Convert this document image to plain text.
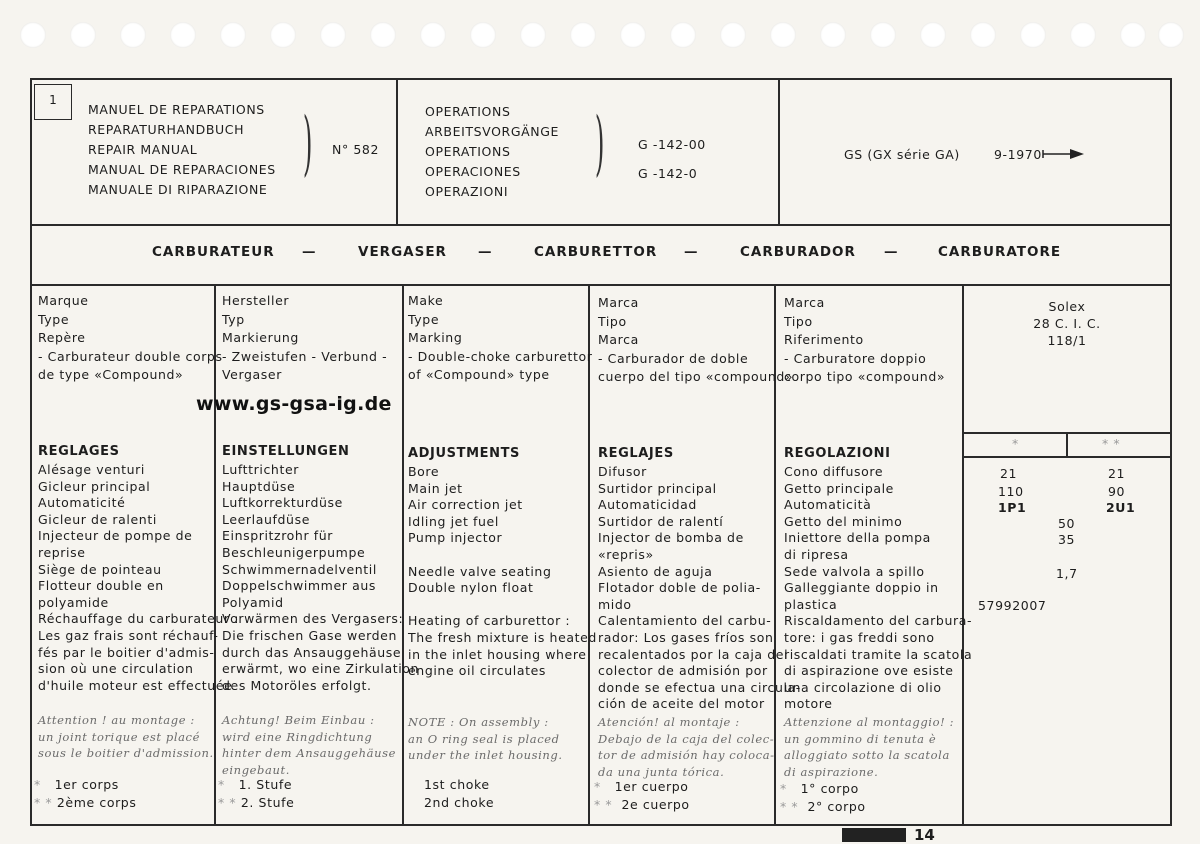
1
MANUEL DE REPARATIONS
REPARATURHANDBUCH
REPAIR MANUAL
MANUAL DE REPARACIONES
MANUALE DI RIPARAZIONE
) N° 582
OPERATIONS
ARBEITSVORGÄNGE
OPERATIONS
OPERACIONES
OPERAZIONI
)	G -142-00
G -142-0
GS (GX série GA)	9-1970
CARBURATEUR —	VERGASER —	CARBURETTOR —	CARBURADOR —	CARBURATORE
Marque
Type
Repère
- Carburateur double corps
de type «Compound»
REGLAGES
Alésage venturi
Gicleur principal
Automaticité
Gicleur de ralenti
Injecteur de pompe de
reprise
Siège de pointeau
Flotteur double en
polyamide
Réchauffage du carburateur :
Les gaz frais sont réchauf-
fés par le boitier d'admis-
sion où une circulation
d'huile moteur est effectuée
Attention ! au montage :
un joint torique est placé
sous le boitier d'admission.
* 1er corps
* * 2ème corps
Hersteller
Typ
Markierung
- Zweistufen - Verbund -
Vergaser
EINSTELLUNGEN
Lufttrichter
Hauptdüse
Luftkorrekturdüse
Leerlaufdüse
Einspritzrohr für
Beschleunigerpumpe
Schwimmernadelventil
Doppelschwimmer aus
Polyamid
Vorwärmen des Vergasers:
Die frischen Gase werden
durch das Ansauggehäuse
erwärmt, wo eine Zirkulation
des Motoröles erfolgt.
Achtung! Beim Einbau :
wird eine Ringdichtung
hinter dem Ansauggehäuse
eingebaut.
* 1. Stufe
* * 2. Stufe
Make
Type
Marking
- Double-choke carburettor
of «Compound» type
ADJUSTMENTS
Bore
Main jet
Air correction jet
Idling jet fuel
Pump injector

Needle valve seating
Double nylon float

Heating of carburettor :
The fresh mixture is heated
in the inlet housing where
engine oil circulates
NOTE : On assembly :
an O ring seal is placed
under the inlet housing.
1st choke
2nd choke
Marca
Tipo
Marca
- Carburador de doble
cuerpo del tipo «compound»
REGLAJES
Difusor
Surtidor principal
Automaticidad
Surtidor de ralentí
Injector de bomba de
«repris»
Asiento de aguja
Flotador doble de polia-
mido
Calentamiento del carbu-
rador: Los gases fríos son
recalentados por la caja del
colector de admisión por
donde se efectua una circula-
ción de aceite del motor
Atención! al montaje :
Debajo de la caja del colec-
tor de admisión hay coloca-
da una junta tórica.
* 1er cuerpo
* * 2e cuerpo
Marca
Tipo
Riferimento
- Carburatore doppio
corpo tipo «compound»
REGOLAZIONI
Cono diffusore
Getto principale
Automaticità
Getto del minimo
Iniettore della pompa
di ripresa
Sede valvola a spillo
Galleggiante doppio in
plastica
Riscaldamento del carbura-
tore: i gas freddi sono
riscaldati tramite la scatola
di aspirazione ove esiste
una circolazione di olio
motore
Attenzione al montaggio! :
un gommino di tenuta è
alloggiato sotto la scatola
di aspirazione.
* 1° corpo
* * 2° corpo
Solex
28 C. I. C.
118/1
*	* *
21	21
110	90
1P1	2U1
50
35
1,7
57992007
www.gs-gsa-ig.de
14
